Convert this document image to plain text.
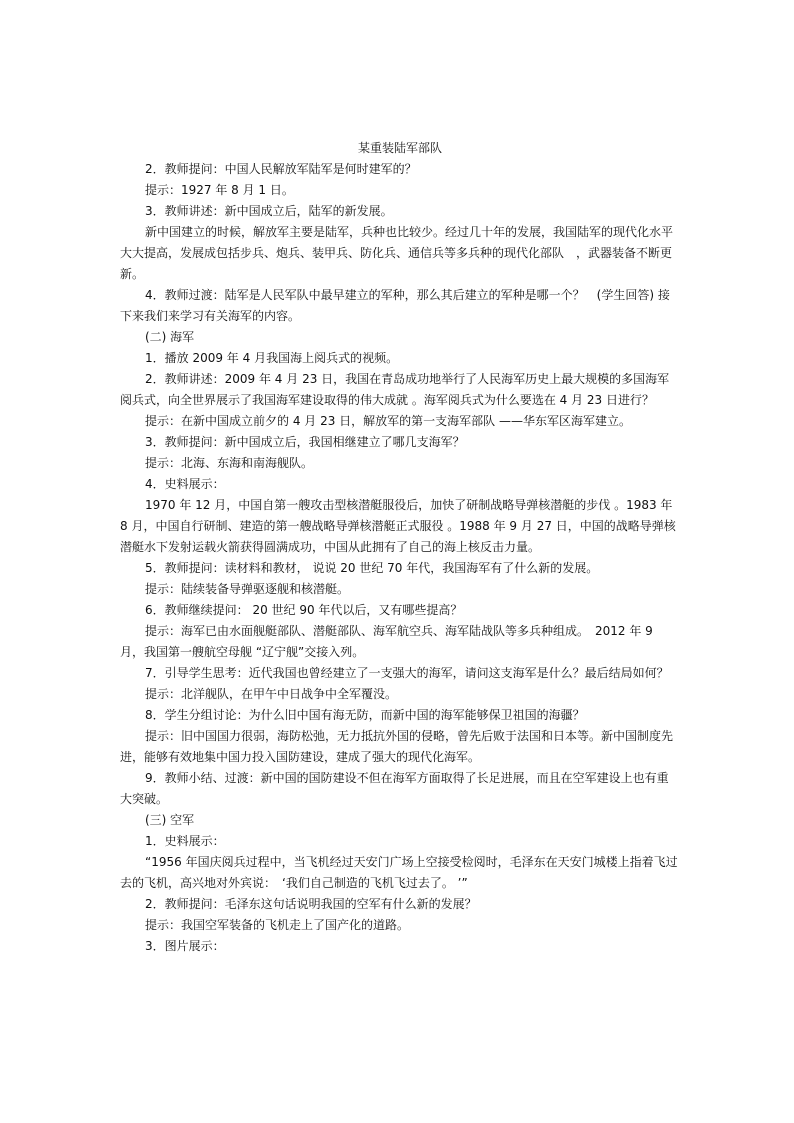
某重装陆军部队

2．教师提问：中国人民解放军陆军是何时建军的？

提示：1927 年 8 月 1 日。

3．教师讲述：新中国成立后，陆军的新发展。

新中国建立的时候，解放军主要是陆军，兵种也比较少。经过几十年的发展，我国陆军的现代化水平大大提高，发展成包括步兵、炮兵、装甲兵、防化兵、通信兵等多兵种的现代化部队　，武器装备不断更新。

4．教师过渡：陆军是人民军队中最早建立的军种，那么其后建立的军种是哪一个？　(学生回答) 接下来我们来学习有关海军的内容。

(二) 海军

1．播放 2009 年 4 月我国海上阅兵式的视频。

2．教师讲述：2009 年 4 月 23 日，我国在青岛成功地举行了人民海军历史上最大规模的多国海军阅兵式，向全世界展示了我国海军建设取得的伟大成就 。海军阅兵式为什么要选在 4 月 23 日进行？

提示：在新中国成立前夕的 4 月 23 日，解放军的第一支海军部队 ——华东军区海军建立。

3．教师提问：新中国成立后，我国相继建立了哪几支海军？

提示：北海、东海和南海舰队。

4．史料展示：

1970 年 12 月，中国自第一艘攻击型核潜艇服役后，加快了研制战略导弹核潜艇的步伐 。1983 年 8 月，中国自行研制、建造的第一艘战略导弹核潜艇正式服役 。1988 年 9 月 27 日，中国的战略导弹核潜艇水下发射运载火箭获得圆满成功，中国从此拥有了自己的海上核反击力量。

5．教师提问：读材料和教材， 说说 20 世纪 70 年代，我国海军有了什么新的发展。

提示：陆续装备导弹驱逐舰和核潜艇。

6．教师继续提问： 20 世纪 90 年代以后，又有哪些提高？

提示：海军已由水面舰艇部队、潜艇部队、海军航空兵、海军陆战队等多兵种组成。　2012 年 9 月，我国第一艘航空母舰 “辽宁舰”交接入列。

7．引导学生思考：近代我国也曾经建立了一支强大的海军，请问这支海军是什么？最后结局如何？

提示：北洋舰队，在甲午中日战争中全军覆没。

8．学生分组讨论：为什么旧中国有海无防，而新中国的海军能够保卫祖国的海疆？

提示：旧中国国力很弱，海防松弛，无力抵抗外国的侵略，曾先后败于法国和日本等。新中国制度先进，能够有效地集中国力投入国防建设，建成了强大的现代化海军。

9．教师小结、过渡：新中国的国防建设不但在海军方面取得了长足进展，而且在空军建设上也有重大突破。

(三) 空军

1．史料展示：

“1956 年国庆阅兵过程中，当飞机经过天安门广场上空接受检阅时，毛泽东在天安门城楼上指着飞过去的飞机，高兴地对外宾说：　‘我们自己制造的飞机飞过去了。 ’”

2．教师提问：毛泽东这句话说明我国的空军有什么新的发展？

提示：我国空军装备的飞机走上了国产化的道路。

3．图片展示：
